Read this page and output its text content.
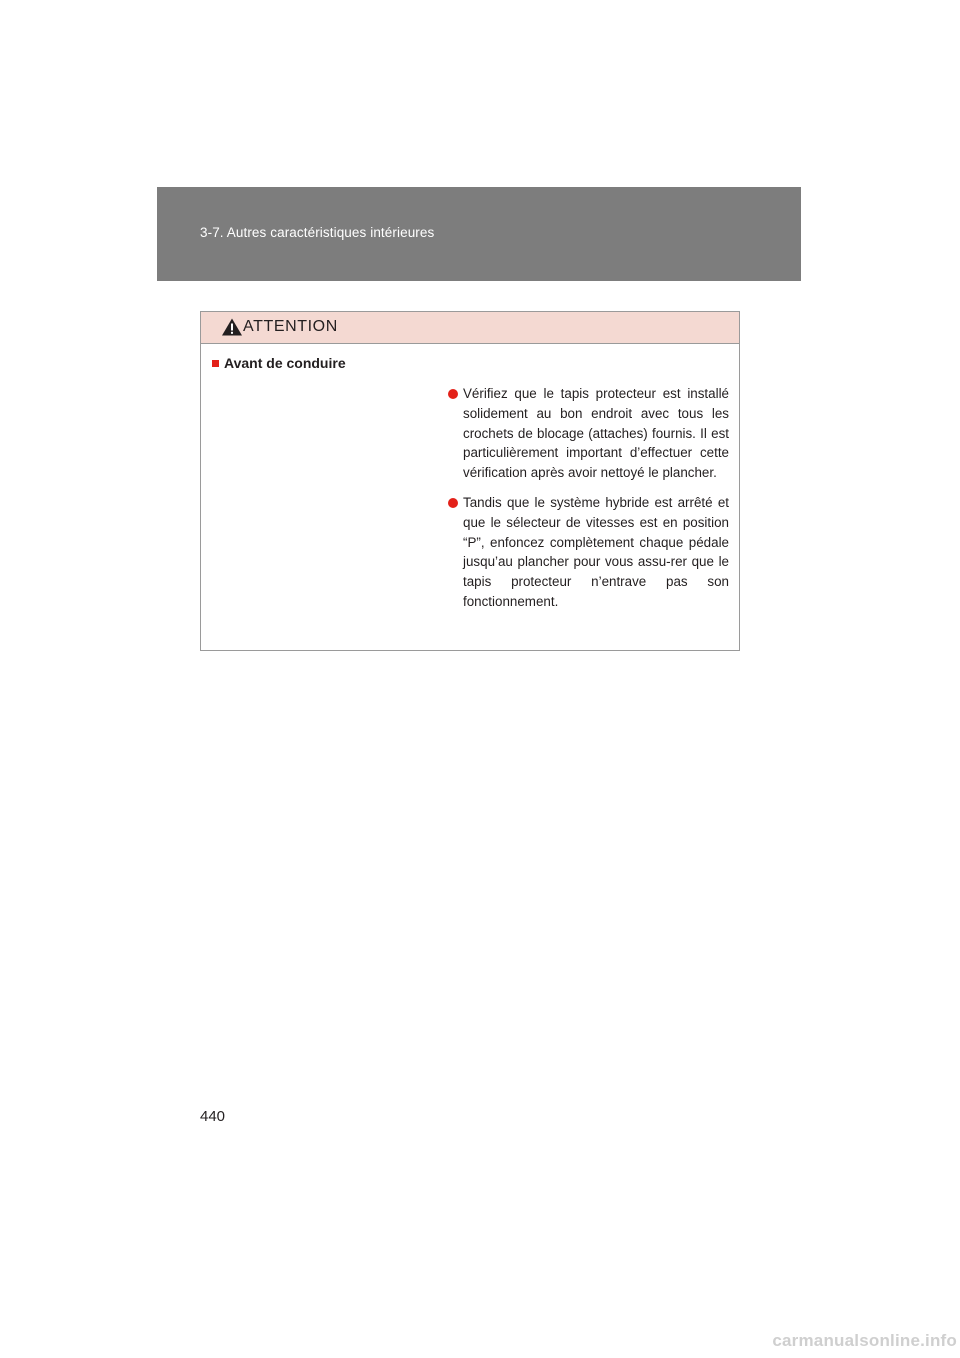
3-7. Autres caractéristiques intérieures
ATTENTION
Avant de conduire
Vérifiez que le tapis protecteur est installé solidement au bon endroit avec tous les crochets de blocage (attaches) fournis. Il est particulièrement important d’effectuer cette vérification après avoir nettoyé le plancher.
Tandis que le système hybride est arrêté et que le sélecteur de vitesses est en position “P”, enfoncez complètement chaque pédale jusqu’au plancher pour vous assu-rer que le tapis protecteur n’entrave pas son fonctionnement.
440
carmanualsonline.info
